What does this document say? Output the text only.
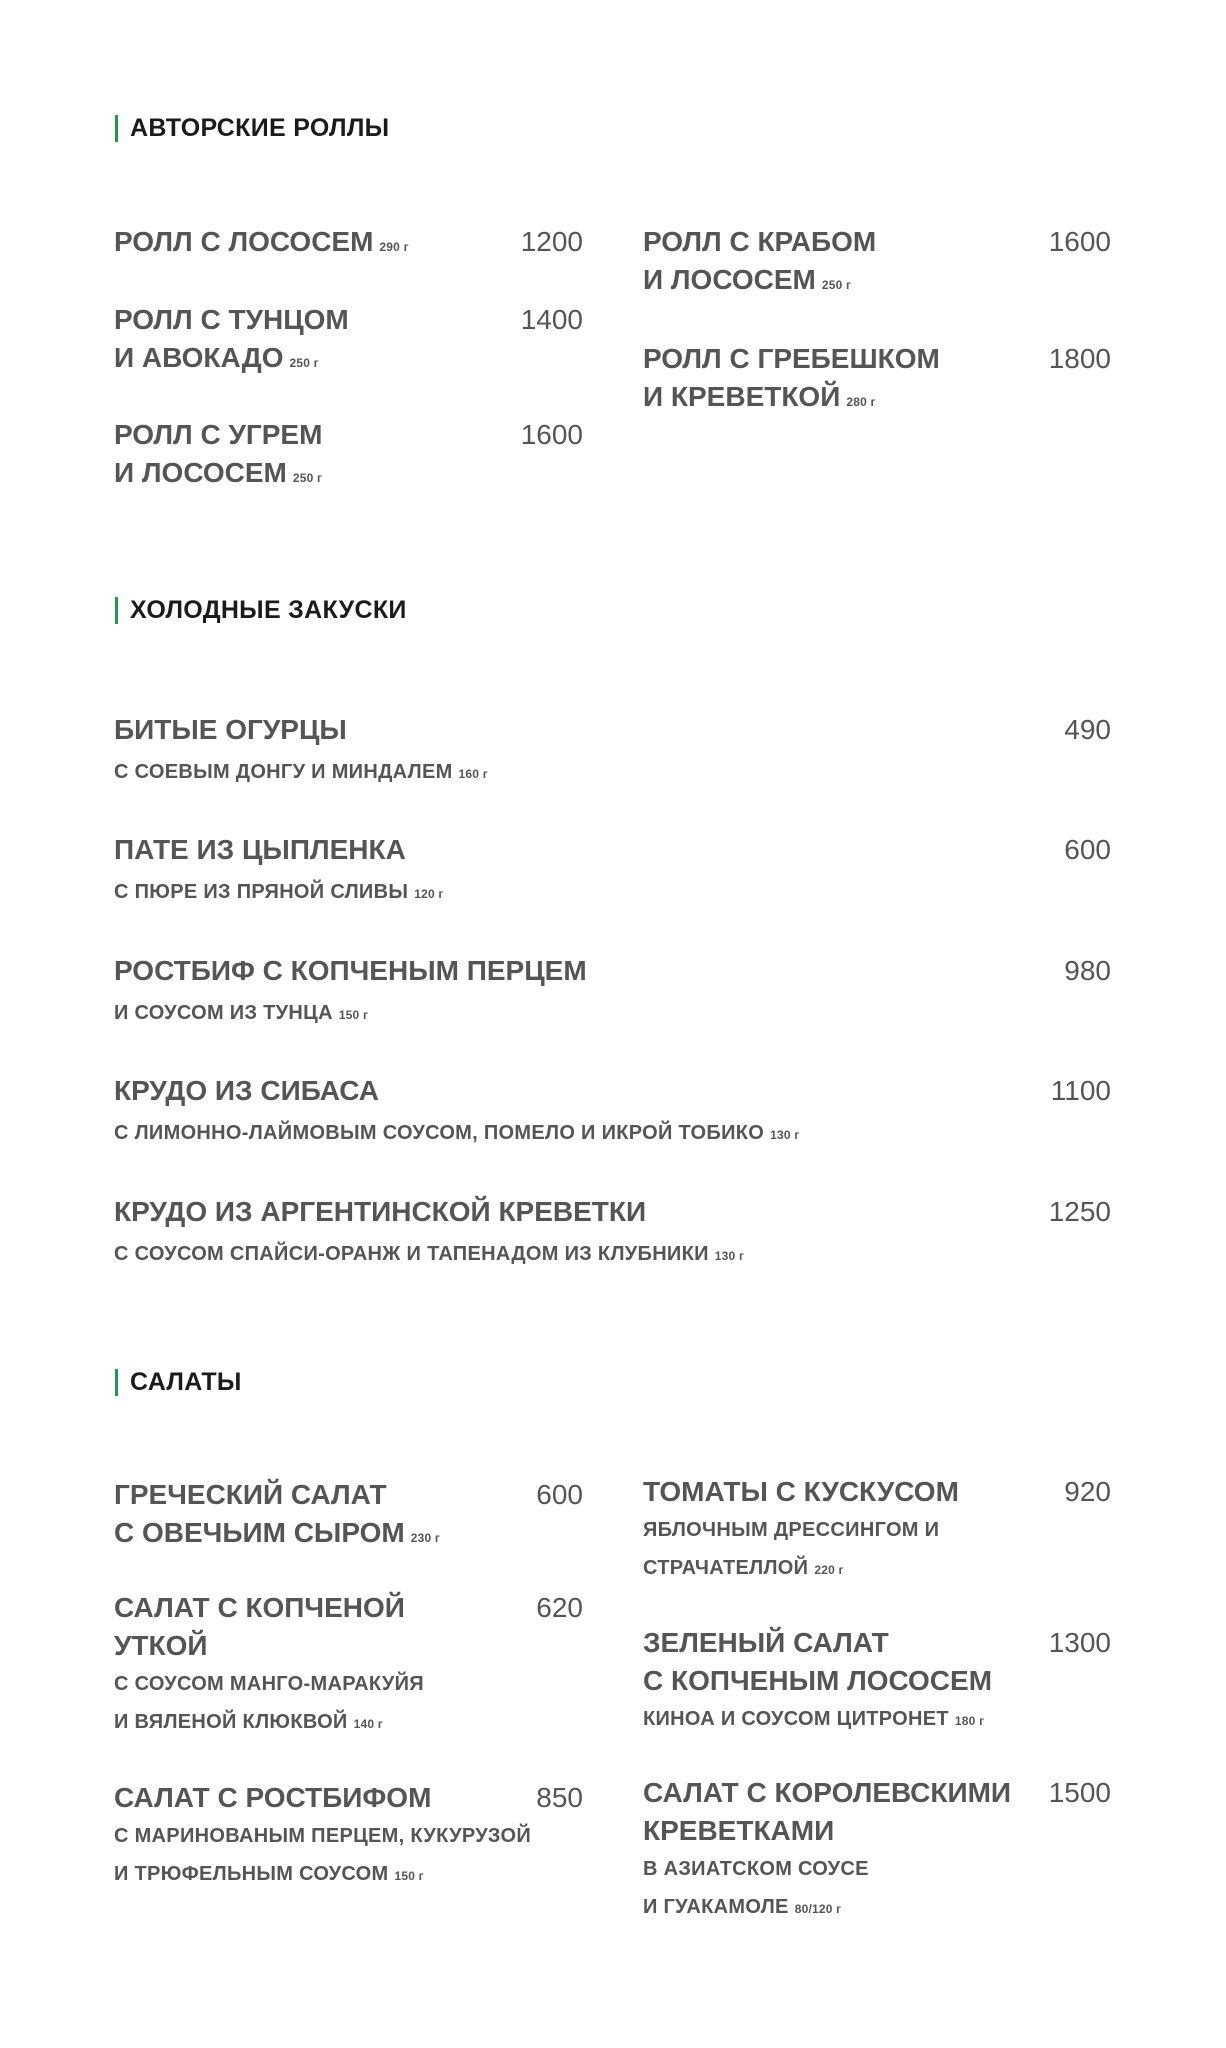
АВТОРСКИЕ РОЛЛЫ
РОЛЛ С ЛОСОСЕМ 290 г	1200
РОЛЛ С ТУНЦОМ
И АВОКАДО 250 г
1400
РОЛЛ С УГРЕМ
И ЛОСОСЕМ 250 г
1600
РОЛЛ С КРАБОМ
И ЛОСОСЕМ 250 г
1600
РОЛЛ С ГРЕБЕШКОМ
И КРЕВЕТКОЙ 280 г
1800
ХОЛОДНЫЕ ЗАКУСКИ
БИТЫЕ ОГУРЦЫ
С СОЕВЫМ ДОНГУ И МИНДАЛЕМ 160 г
490
ПАТЕ ИЗ ЦЫПЛЕНКА
С ПЮРЕ ИЗ ПРЯНОЙ СЛИВЫ 120 г
600
РОСТБИФ С КОПЧЕНЫМ ПЕРЦЕМ
И СОУСОМ ИЗ ТУНЦА 150 г
980
КРУДО ИЗ СИБАСА
С ЛИМОННО-ЛАЙМОВЫМ СОУСОМ, ПОМЕЛО И ИКРОЙ ТОБИКО 130 г
1100
КРУДО ИЗ АРГЕНТИНСКОЙ КРЕВЕТКИ
С СОУСОМ СПАЙСИ-ОРАНЖ И ТАПЕНАДОМ ИЗ КЛУБНИКИ 130 г
1250
САЛАТЫ
ГРЕЧЕСКИЙ САЛАТ
С ОВЕЧЬИМ СЫРОМ 230 г
600
САЛАТ С КОПЧЕНОЙ
УТКОЙ
С СОУСОМ МАНГО-МАРАКУЙЯ
И ВЯЛЕНОЙ КЛЮКВОЙ 140 г
620
САЛАТ С РОСТБИФОМ
С МАРИНОВАНЫМ ПЕРЦЕМ, КУКУРУЗОЙ
И ТРЮФЕЛЬНЫМ СОУСОМ 150 г
850
ТОМАТЫ С КУСКУСОМ
ЯБЛОЧНЫМ ДРЕССИНГОМ И
СТРАЧАТЕЛЛОЙ 220 г
920
ЗЕЛЕНЫЙ САЛАТ
С КОПЧЕНЫМ ЛОСОСЕМ
КИНОА И СОУСОМ ЦИТРОНЕТ 180 г
1300
САЛАТ С КОРОЛЕВСКИМИ
КРЕВЕТКАМИ
В АЗИАТСКОМ СОУСЕ
И ГУАКАМОЛЕ 80/120 г
1500
